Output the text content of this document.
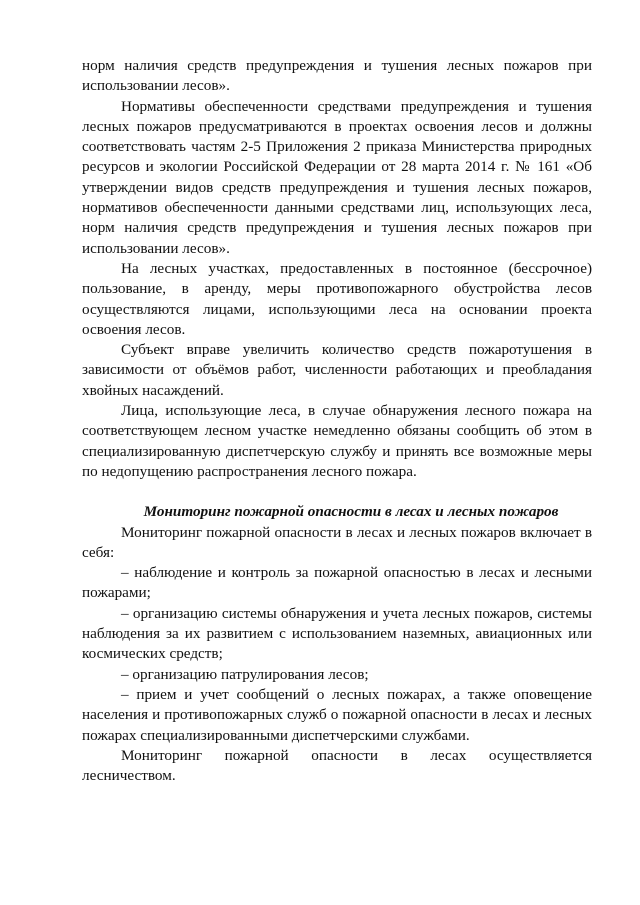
норм наличия средств предупреждения и тушения лесных пожаров при использовании лесов».

Нормативы обеспеченности средствами предупреждения и тушения лесных пожаров предусматриваются в проектах освоения лесов и должны соответствовать частям 2-5 Приложения 2 приказа Министерства природных ресурсов и экологии Российской Федерации от 28 марта 2014 г. № 161 «Об утверждении видов средств предупреждения и тушения лесных пожаров, нормативов обеспеченности данными средствами лиц, использующих леса, норм наличия средств предупреждения и тушения лесных пожаров при использовании лесов».

На лесных участках, предоставленных в постоянное (бессрочное) пользование, в аренду, меры противопожарного обустройства лесов осуществляются лицами, использующими леса на основании проекта освоения лесов.

Субъект вправе увеличить количество средств пожаротушения в зависимости от объёмов работ, численности работающих и преобладания хвойных насаждений.

Лица, использующие леса, в случае обнаружения лесного пожара на соответствующем лесном участке немедленно обязаны сообщить об этом в специализированную диспетчерскую службу и принять все возможные меры по недопущению распространения лесного пожара.

Мониторинг пожарной опасности в лесах и лесных пожаров

Мониторинг пожарной опасности в лесах и лесных пожаров включает в себя:

– наблюдение и контроль за пожарной опасностью в лесах и лесными пожарами;

– организацию системы обнаружения и учета лесных пожаров, системы наблюдения за их развитием с использованием наземных, авиационных или космических средств;

– организацию патрулирования лесов;

– прием и учет сообщений о лесных пожарах, а также оповещение населения и противопожарных служб о пожарной опасности в лесах и лесных пожарах специализированными диспетчерскими службами.

Мониторинг пожарной опасности в лесах осуществляется лесничеством.
